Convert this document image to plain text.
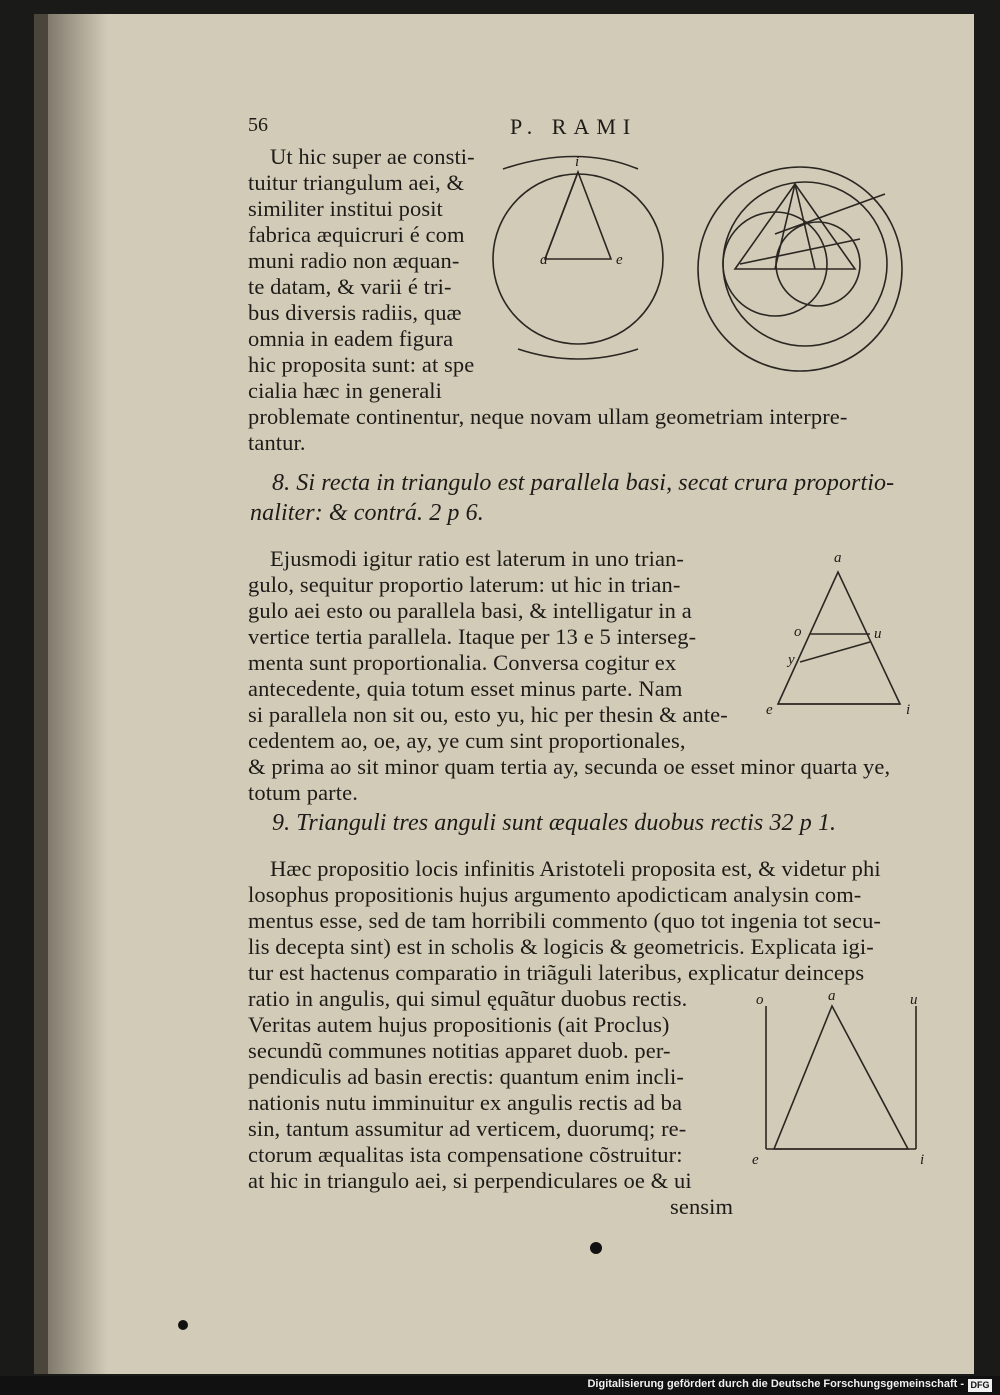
56	P. RAMI
Ut hic super ae consti-
tuitur triangulum aei, &
similiter institui posit
fabrica æquicruri é com
muni radio non æquan-
te datam, & varii é tri-
bus diversis radiis, quæ
omnia in eadem figura
hic proposita sunt: at spe
cialia hæc in generali
problemate continentur, neque novam ullam geometriam interpre-
tantur.
a	e
i
8. Si recta in triangulo est parallela basi, secat crura proportio-
naliter: & contrá. 2 p 6.
Ejusmodi igitur ratio est laterum in uno trian-
gulo, sequitur proportio laterum: ut hic in trian-
gulo aei esto ou parallela basi, & intelligatur in a
vertice tertia parallela. Itaque per 13 e 5 interseg-
menta sunt proportionalia. Conversa cogitur ex
antecedente, quia totum esset minus parte. Nam
si parallela non sit ou, esto yu, hic per thesin & ante-
cedentem ao, oe, ay, ye cum sint proportionales,
& prima ao sit minor quam tertia ay, secunda oe esset minor quarta ye,
totum parte.
a
o	u
y
e	i
9. Trianguli tres anguli sunt æquales duobus rectis 32 p 1.
Hæc propositio locis infinitis Aristoteli proposita est, & videtur phi
losophus propositionis hujus argumento apodicticam analysin com-
mentus esse, sed de tam horribili commento (quo tot ingenia tot secu-
lis decepta sint) est in scholis & logicis & geometricis. Explicata igi-
tur est hactenus comparatio in triãguli lateribus, explicatur deinceps
ratio in angulis, qui simul ęquãtur duobus rectis.
Veritas autem hujus propositionis (ait Proclus)
secundũ communes notitias apparet duob. per-
pendiculis ad basin erectis: quantum enim incli-
nationis nutu imminuitur ex angulis rectis ad ba
sin, tantum assumitur ad verticem, duorumq; re-
ctorum æqualitas ista compensatione cõstruitur:
at hic in triangulo aei, si perpendiculares oe & ui
sensim
o	a	u
e	i
Digitalisierung gefördert durch die Deutsche Forschungsgemeinschaft - DFG
